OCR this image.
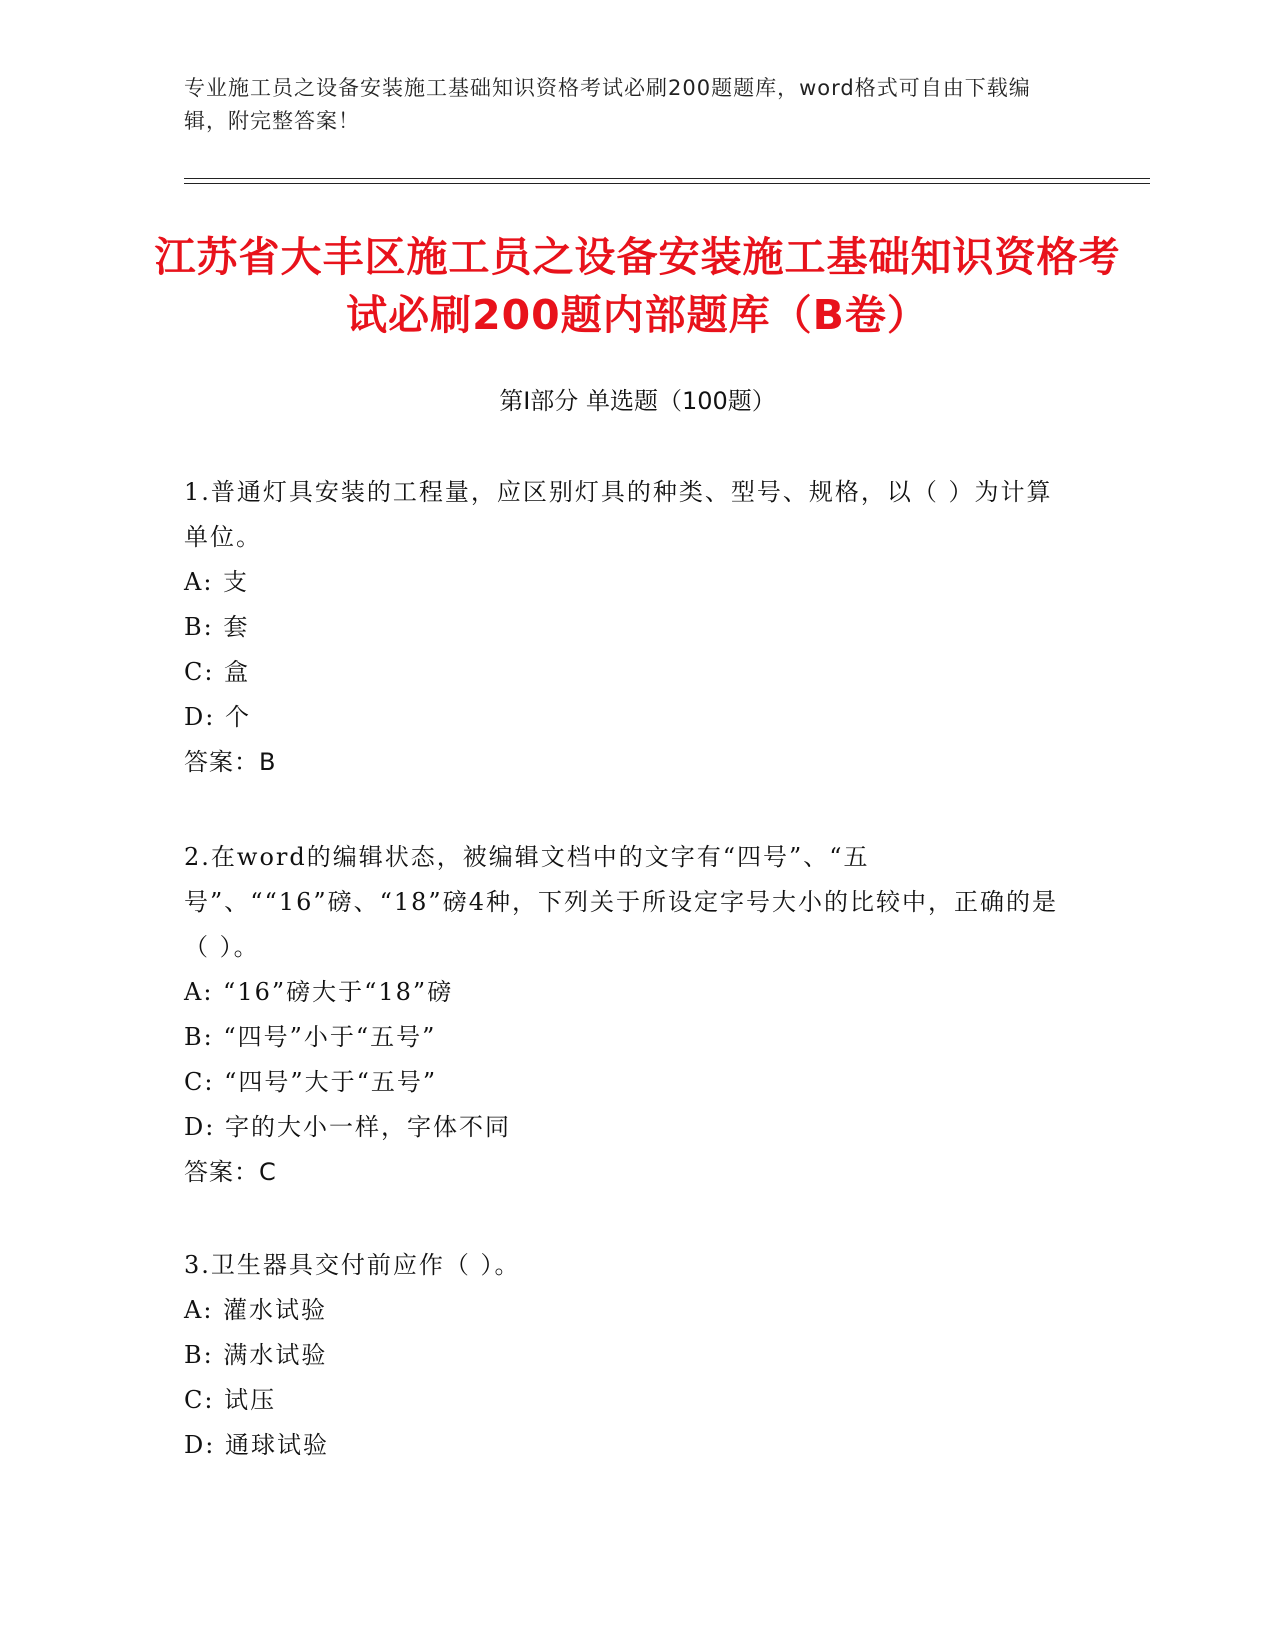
专业施工员之设备安装施工基础知识资格考试必刷200题题库，word格式可自由下载编辑，附完整答案！
江苏省大丰区施工员之设备安装施工基础知识资格考试必刷200题内部题库（B卷）
第Ⅰ部分 单选题（100题）
1.普通灯具安装的工程量，应区别灯具的种类、型号、规格，以（ ）为计算单位。
A: 支
B: 套
C: 盒
D: 个
答案：B
2.在word的编辑状态，被编辑文档中的文字有“四号”、“五号”、““16”磅、“18”磅4种，下列关于所设定字号大小的比较中，正确的是（ ）。
A: “16”磅大于“18”磅
B: “四号”小于“五号”
C: “四号”大于“五号”
D: 字的大小一样，字体不同
答案：C
3.卫生器具交付前应作（ ）。
A: 灌水试验
B: 满水试验
C: 试压
D: 通球试验
